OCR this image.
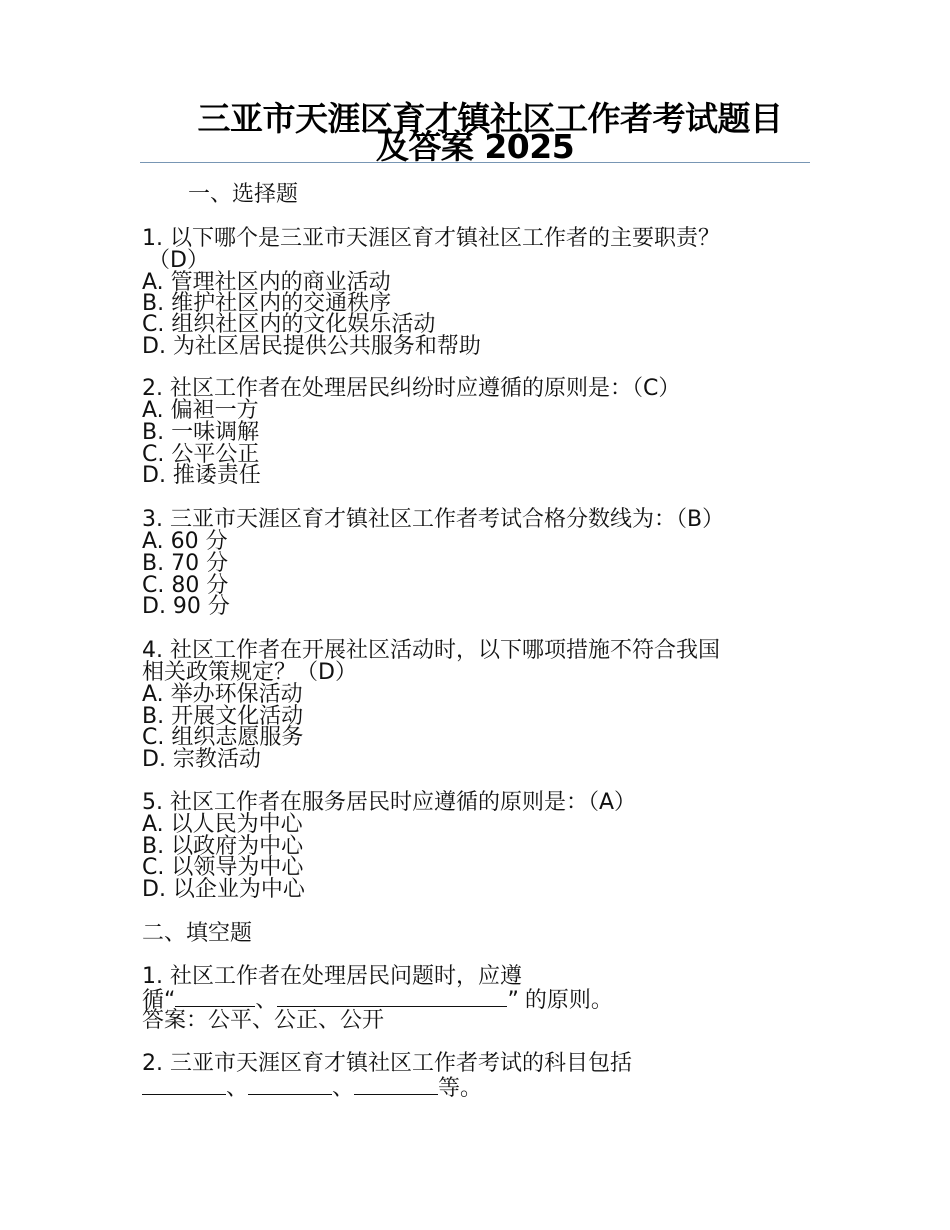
三亚市天涯区育才镇社区工作者考试题目
及答案 2025
一、选择题
1. 以下哪个是三亚市天涯区育才镇社区工作者的主要职责？
（D）
A. 管理社区内的商业活动
B. 维护社区内的交通秩序
C. 组织社区内的文化娱乐活动
D. 为社区居民提供公共服务和帮助
2. 社区工作者在处理居民纠纷时应遵循的原则是：（C）
A. 偏袒一方
B. 一味调解
C. 公平公正
D. 推诿责任
3. 三亚市天涯区育才镇社区工作者考试合格分数线为：（B）
A. 60 分
B. 70 分
C. 80 分
D. 90 分
4. 社区工作者在开展社区活动时，以下哪项措施不符合我国
相关政策规定？（D）
A. 举办环保活动
B. 开展文化活动
C. 组织志愿服务
D. 宗教活动
5. 社区工作者在服务居民时应遵循的原则是：（A）
A. 以人民为中心
B. 以政府为中心
C. 以领导为中心
D. 以企业为中心
二、填空题
1. 社区工作者在处理居民问题时，应遵
循“	、	” 的原则。
答案：公平、公正、公开
2. 三亚市天涯区育才镇社区工作者考试的科目包括
、	、	等。
